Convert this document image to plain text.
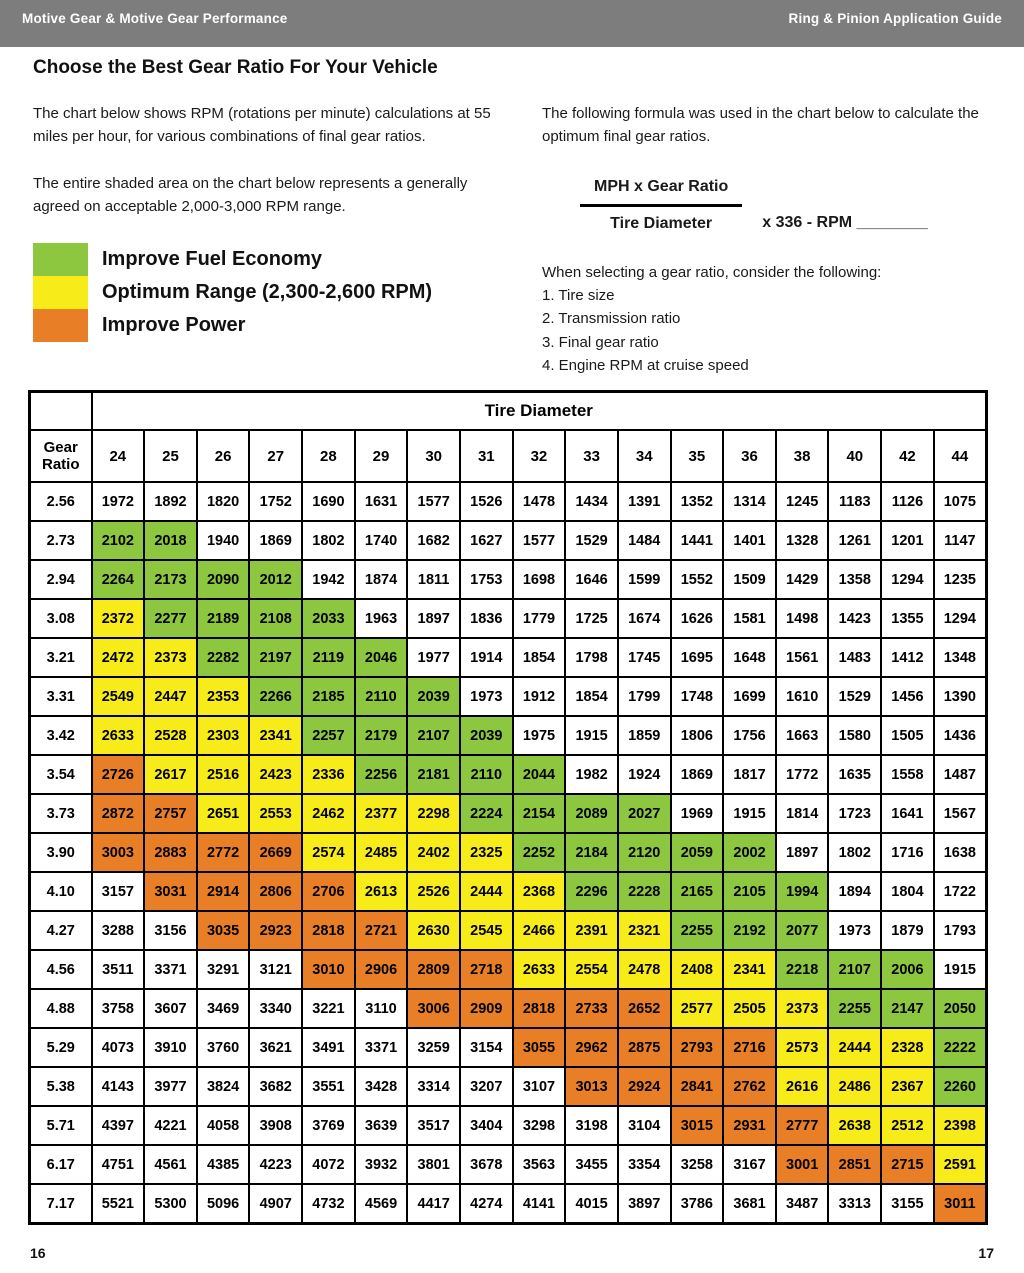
Motive Gear & Motive Gear Performance	Ring & Pinion Application Guide
Choose the Best Gear Ratio For Your Vehicle

The chart below shows RPM (rotations per minute) calculations at 55 miles per hour, for various combinations of final gear ratios.

The entire shaded area on the chart below represents a generally agreed on acceptable 2,000-3,000 RPM range.

The following formula was used in the chart below to calculate the optimum final gear ratios.

$\frac{\text{MPH x Gear Ratio}}{\text{Tire Diameter}}$ x 336 - RPM ________
When selecting a gear ratio, consider the following:
1. Tire size
2. Transmission ratio
3. Final gear ratio
4. Engine RPM at cruise speed
Improve Fuel Economy
Optimum Range (2,300-2,600 RPM)
Improve Power
	Tire Diameter																
Gear Ratio	24	25	26	27	28	29	30	31	32	33	34	35	36	38	40	42	44
2.56	1972	1892	1820	1752	1690	1631	1577	1526	1478	1434	1391	1352	1314	1245	1183	1126	1075
2.73	2102	2018	1940	1869	1802	1740	1682	1627	1577	1529	1484	1441	1401	1328	1261	1201	1147
2.94	2264	2173	2090	2012	1942	1874	1811	1753	1698	1646	1599	1552	1509	1429	1358	1294	1235
3.08	2372	2277	2189	2108	2033	1963	1897	1836	1779	1725	1674	1626	1581	1498	1423	1355	1294
3.21	2472	2373	2282	2197	2119	2046	1977	1914	1854	1798	1745	1695	1648	1561	1483	1412	1348
3.31	2549	2447	2353	2266	2185	2110	2039	1973	1912	1854	1799	1748	1699	1610	1529	1456	1390
3.42	2633	2528	2303	2341	2257	2179	2107	2039	1975	1915	1859	1806	1756	1663	1580	1505	1436
3.54	2726	2617	2516	2423	2336	2256	2181	2110	2044	1982	1924	1869	1817	1772	1635	1558	1487
3.73	2872	2757	2651	2553	2462	2377	2298	2224	2154	2089	2027	1969	1915	1814	1723	1641	1567
3.90	3003	2883	2772	2669	2574	2485	2402	2325	2252	2184	2120	2059	2002	1897	1802	1716	1638
4.10	3157	3031	2914	2806	2706	2613	2526	2444	2368	2296	2228	2165	2105	1994	1894	1804	1722
4.27	3288	3156	3035	2923	2818	2721	2630	2545	2466	2391	2321	2255	2192	2077	1973	1879	1793
4.56	3511	3371	3291	3121	3010	2906	2809	2718	2633	2554	2478	2408	2341	2218	2107	2006	1915
4.88	3758	3607	3469	3340	3221	3110	3006	2909	2818	2733	2652	2577	2505	2373	2255	2147	2050
5.29	4073	3910	3760	3621	3491	3371	3259	3154	3055	2962	2875	2793	2716	2573	2444	2328	2222
5.38	4143	3977	3824	3682	3551	3428	3314	3207	3107	3013	2924	2841	2762	2616	2486	2367	2260
5.71	4397	4221	4058	3908	3769	3639	3517	3404	3298	3198	3104	3015	2931	2777	2638	2512	2398
6.17	4751	4561	4385	4223	4072	3932	3801	3678	3563	3455	3354	3258	3167	3001	2851	2715	2591
7.17	5521	5300	5096	4907	4732	4569	4417	4274	4141	4015	3897	3786	3681	3487	3313	3155	3011
16	17
